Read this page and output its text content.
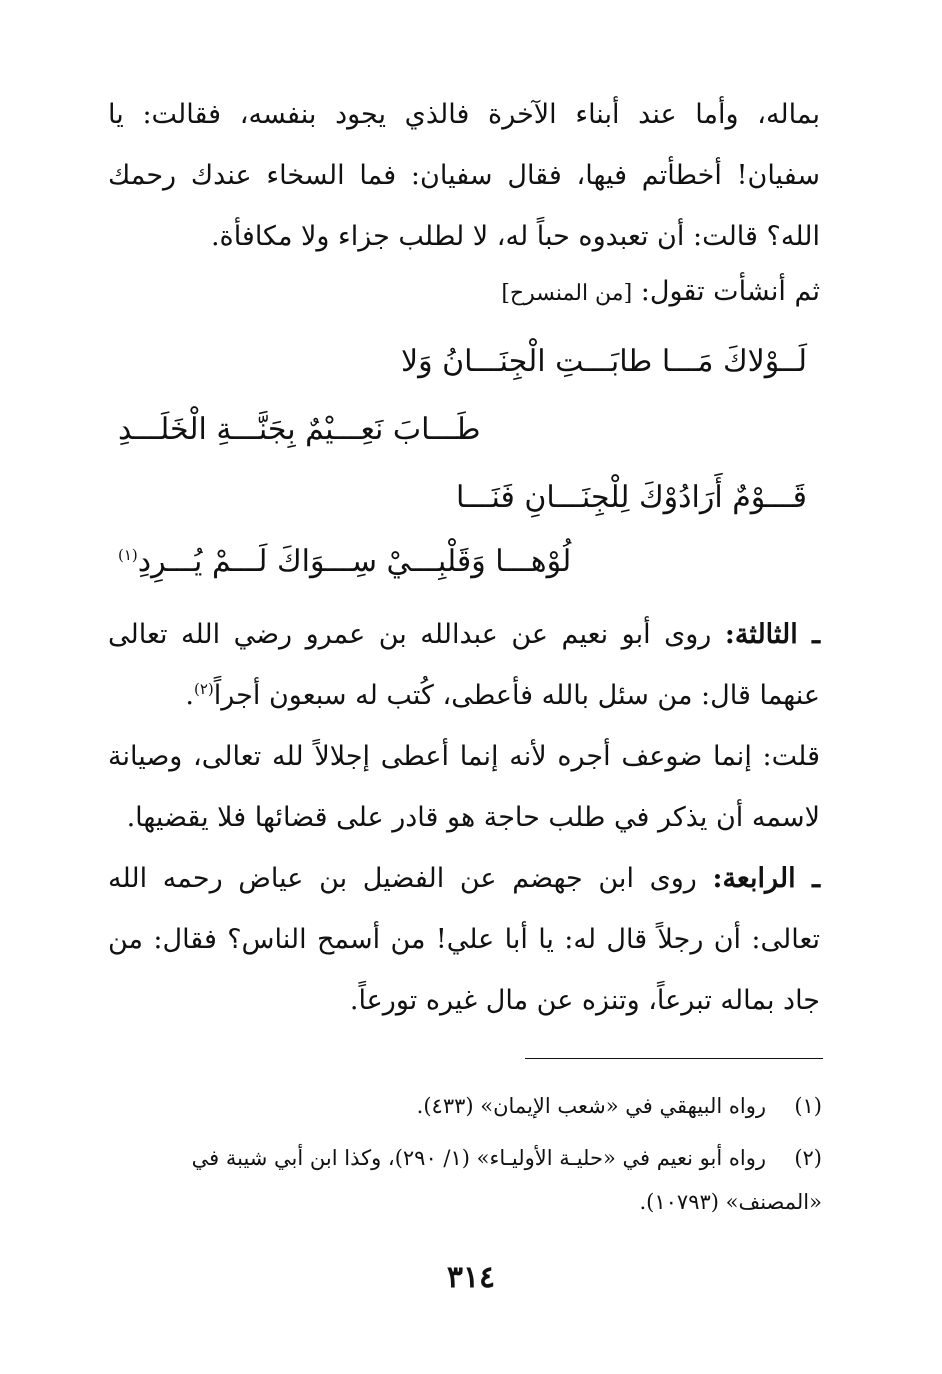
بماله، وأما عند أبناء الآخرة فالذي يجود بنفسه، فقالت: يا سفيان! أخطأتم فيها، فقال سفيان: فما السخاء عندك رحمك الله؟ قالت: أن تعبدوه حباً له، لا لطلب جزاء ولا مكافأة.

ثم أنشأت تقول: [من المنسرح]

لَــوْلاكَ مَـــا طابَـــتِ الْجِنَـــانُ وَلا

طَـــابَ نَعِـــيْمٌ بِجَنَّـــةِ الْخَلَـــدِ

قَـــوْمٌ أَرَادُوْكَ لِلْجِنَـــانِ فَنَـــا

لُوْهـــا وَقَلْبِـــيْ سِـــوَاكَ لَـــمْ يُـــرِدِ$^{(١)}$

ـ الثالثة: روى أبو نعيم عن عبدالله بن عمرو رضي الله تعالى عنهما قال: من سئل بالله فأعطى، كُتب له سبعون أجراً$^{(٢)}$.

قلت: إنما ضوعف أجره لأنه إنما أعطى إجلالاً لله تعالى، وصيانة لاسمه أن يذكر في طلب حاجة هو قادر على قضائها فلا يقضيها.

ـ الرابعة: روى ابن جهضم عن الفضيل بن عياض رحمه الله تعالى: أن رجلاً قال له: يا أبا علي! من أسمح الناس؟ فقال: من جاد بماله تبرعاً، وتنزه عن مال غيره تورعاً.

(١)رواه البيهقي في «شعب الإيمان» (٤٣٣).

(٢)رواه أبو نعيم في «حليـة الأوليـاء» (١/ ٢٩٠)، وكذا ابن أبي شيبة في «المصنف» (١٠٧٩٣).

٣١٤
